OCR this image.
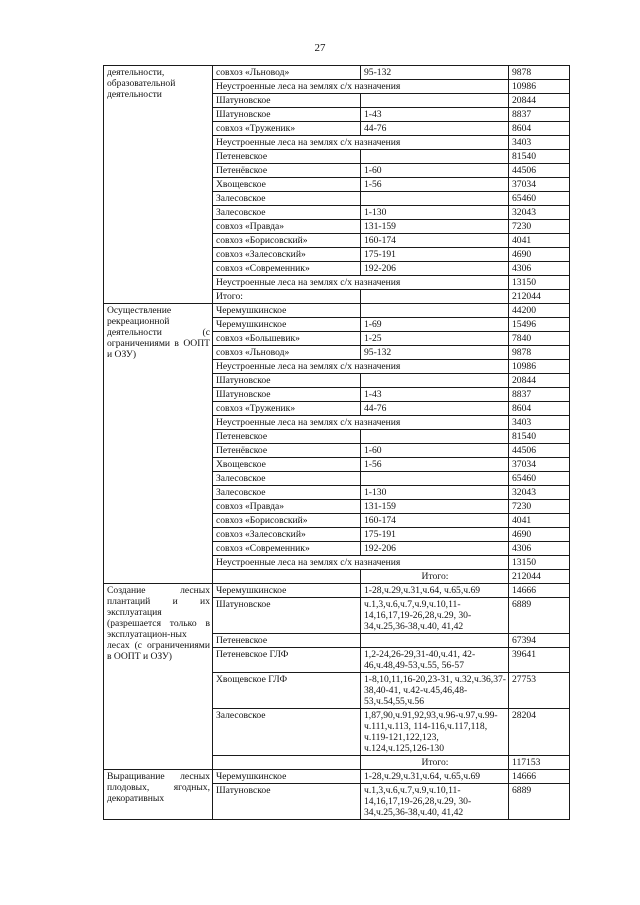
27
деятельности, образовательной деятельности	совхоз «Льновод»	95-132	9878
	Неустроенные леса на землях с/х назначения		10986
	Шатуновское		20844
	Шатуновское	1-43	8837
	совхоз «Труженик»	44-76	8604
	Неустроенные леса на землях с/х назначения		3403
	Петеневское		81540
	Петенёвское	1-60	44506
	Хвощевское	1-56	37034
	Залесовское		65460
	Залесовское	1-130	32043
	совхоз «Правда»	131-159	7230
	совхоз «Борисовский»	160-174	4041
	совхоз «Залесовский»	175-191	4690
	совхоз «Современник»	192-206	4306
	Неустроенные леса на землях с/х назначения		13150
	Итого:		212044
Осуществление рекреационной деятельности (с ограничениями в ООПТ и ОЗУ)	Черемушкинское		44200
	Черемушкинское	1-69	15496
	совхоз «Большевик»	1-25	7840
	совхоз «Льновод»	95-132	9878
	Неустроенные леса на землях с/х назначения		10986
	Шатуновское		20844
	Шатуновское	1-43	8837
	совхоз «Труженик»	44-76	8604
	Неустроенные леса на землях с/х назначения		3403
	Петеневское		81540
	Петенёвское	1-60	44506
	Хвощевское	1-56	37034
	Залесовское		65460
	Залесовское	1-130	32043
	совхоз «Правда»	131-159	7230
	совхоз «Борисовский»	160-174	4041
	совхоз «Залесовский»	175-191	4690
	совхоз «Современник»	192-206	4306
	Неустроенные леса на землях с/х назначения		13150
		Итого:	212044
Создание лесных плантаций и их эксплуатация (разрешается только в эксплуатацион-ных лесах (с ограничениями в ООПТ и ОЗУ)	Черемушкинское	1-28,ч.29,ч.31,ч.64, ч.65,ч.69	14666
	Шатуновское	ч.1,3,ч.6,ч.7,ч.9,ч.10,11-14,16,17,19-26,28,ч.29, 30-34,ч.25,36-38,ч.40, 41,42	6889
	Петеневское		67394
	Петеневское ГЛФ	1,2-24,26-29,31-40,ч.41, 42-46,ч.48,49-53,ч.55, 56-57	39641
	Хвощевское ГЛФ	1-8,10,11,16-20,23-31, ч.32,ч.36,37-38,40-41, ч.42-ч.45,46,48-53,ч.54,55,ч.56	27753
	Залесовское	1,87,90,ч.91,92,93,ч.96-ч.97,ч.99-ч.111,ч.113, 114-116,ч.117,118, ч.119-121,122,123, ч.124,ч.125,126-130	28204
		Итого:	117153
Выращивание лесных плодовых, ягодных, декоративных	Черемушкинское	1-28,ч.29,ч.31,ч.64, ч.65,ч.69	14666
	Шатуновское	ч.1,3,ч.6,ч.7,ч.9,ч.10,11-14,16,17,19-26,28,ч.29, 30-34,ч.25,36-38,ч.40, 41,42	6889
